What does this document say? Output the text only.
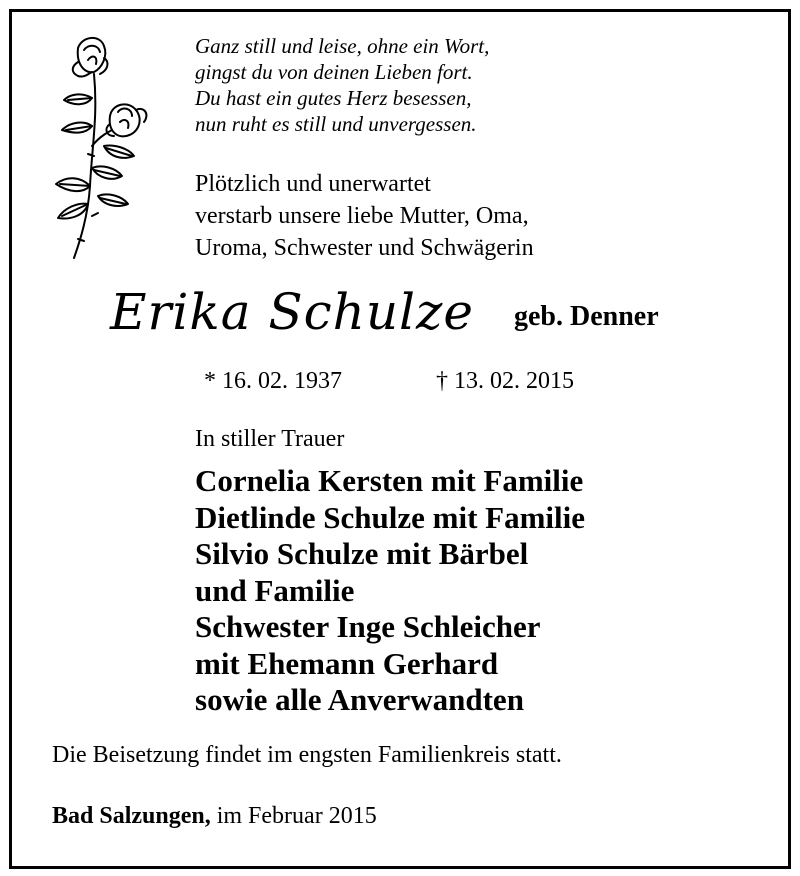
Ganz still und leise, ohne ein Wort,
gingst du von deinen Lieben fort.
Du hast ein gutes Herz besessen,
nun ruht es still und unvergessen.
Plötzlich und unerwartet
verstarb unsere liebe Mutter, Oma,
Uroma, Schwester und Schwägerin
Erika Schulze geb. Denner
* 16. 02. 1937	† 13. 02. 2015
In stiller Trauer
Cornelia Kersten mit Familie
Dietlinde Schulze mit Familie
Silvio Schulze mit Bärbel
und Familie
Schwester Inge Schleicher
mit Ehemann Gerhard
sowie alle Anverwandten
Die Beisetzung findet im engsten Familienkreis statt.
Bad Salzungen, im Februar 2015
